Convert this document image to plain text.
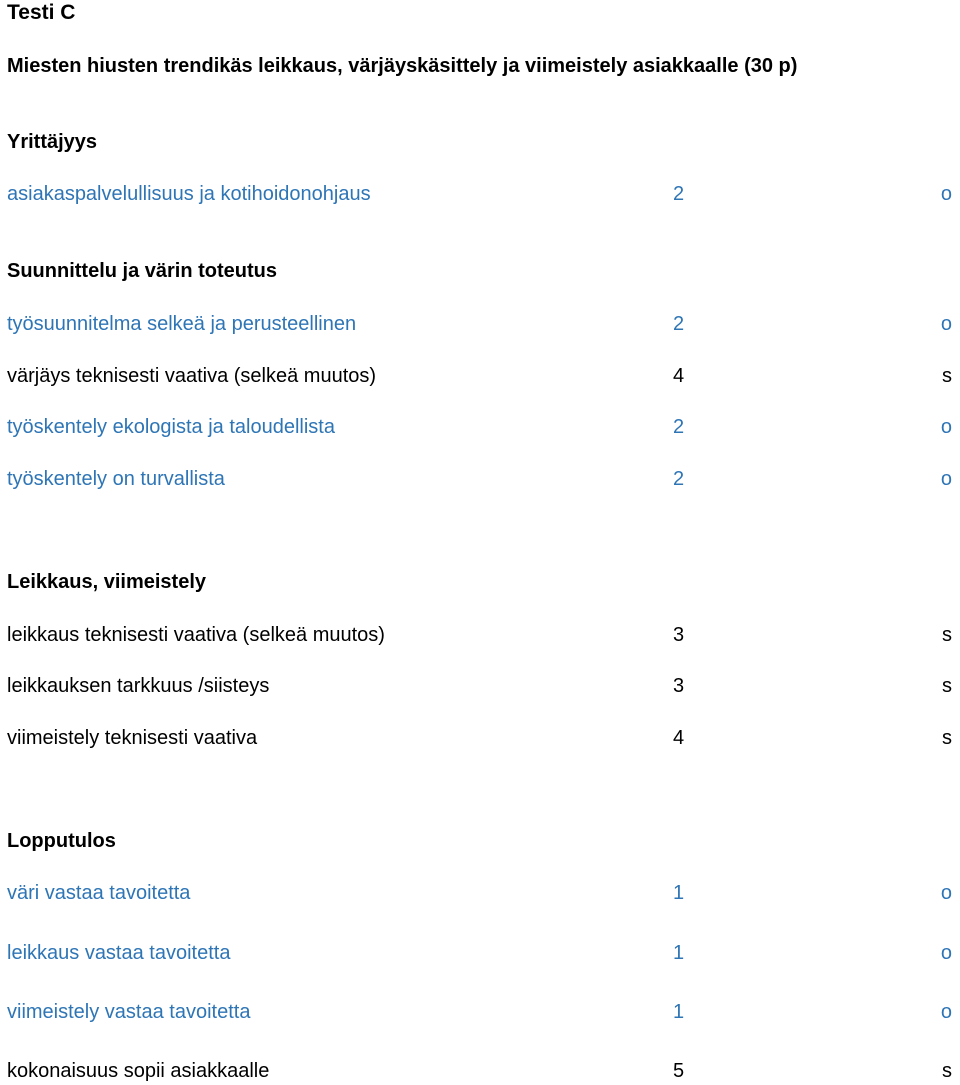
Testi C
Miesten hiusten trendikäs leikkaus, värjäyskäsittely ja viimeistely asiakkaalle (30 p)
Yrittäjyys
asiakaspalvelullisuus ja kotihoidonohjaus	2	o
Suunnittelu ja värin toteutus
työsuunnitelma selkeä ja perusteellinen	2	o
värjäys teknisesti vaativa (selkeä muutos)	4	s
työskentely ekologista ja taloudellista	2	o
työskentely on turvallista	2	o
Leikkaus, viimeistely
leikkaus teknisesti vaativa (selkeä muutos)	3	s
leikkauksen tarkkuus /siisteys	3	s
viimeistely teknisesti vaativa	4	s
Lopputulos
väri vastaa tavoitetta	1	o
leikkaus vastaa tavoitetta	1	o
viimeistely vastaa tavoitetta	1	o
kokonaisuus sopii asiakkaalle	5	s
